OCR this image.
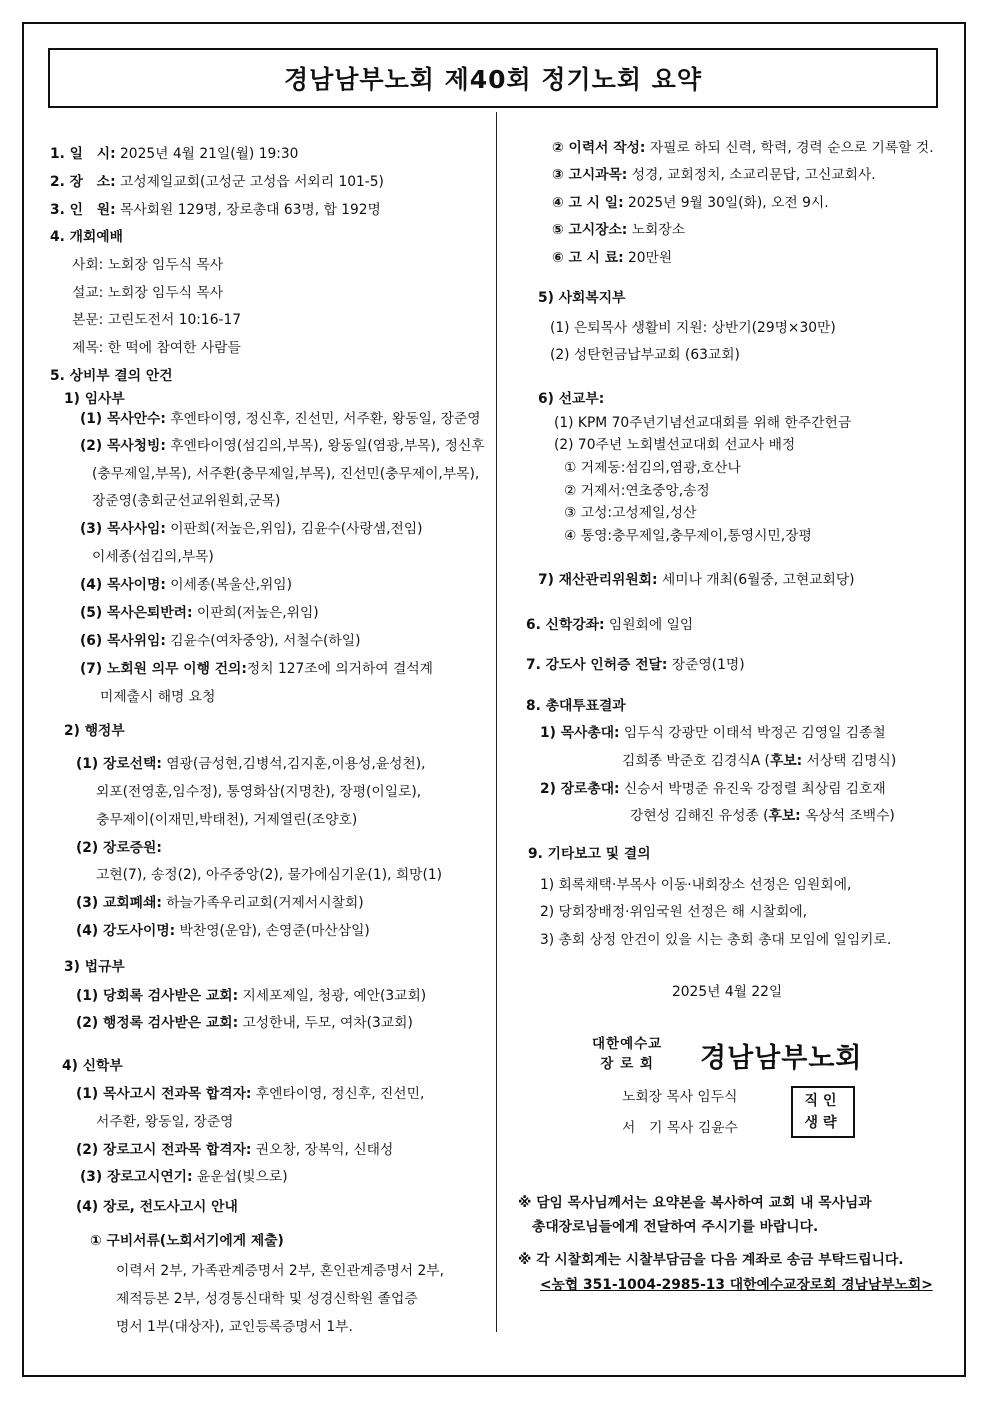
경남남부노회 제40회 정기노회 요약
1. 일　시: 2025년 4월 21일(월) 19:30
2. 장　소: 고성제일교회(고성군 고성읍 서외리 101-5)
3. 인　원: 목사회원 129명, 장로총대 63명, 합 192명
4. 개회예배
사회: 노회장 임두식 목사
설교: 노회장 임두식 목사
본문: 고린도전서 10:16-17
제목: 한 떡에 참여한 사람들
5. 상비부 결의 안건
1) 임사부
(1) 목사안수: 후엔타이영, 정신후, 진선민, 서주환, 왕동일, 장준영
(2) 목사청빙: 후엔타이영(섬김의,부목), 왕동일(염광,부목), 정신후
(충무제일,부목), 서주환(충무제일,부목), 진선민(충무제이,부목),
장준영(총회군선교위원회,군목)
(3) 목사사임: 이판희(저높은,위임), 김윤수(사랑샘,전임)
이세종(섬김의,부목)
(4) 목사이명: 이세종(복울산,위임)
(5) 목사은퇴반려: 이판희(저높은,위임)
(6) 목사위임: 김윤수(여차중앙), 서철수(하일)
(7) 노회원 의무 이행 건의:정치 127조에 의거하여 결석계
미제출시 해명 요청
2) 행정부
(1) 장로선택: 염광(금성현,김병석,김지훈,이용성,윤성천),
외포(전영훈,임수정), 통영화삼(지명찬), 장평(이일로),
충무제이(이재민,박태천), 거제열린(조양호)
(2) 장로증원:
고현(7), 송정(2), 아주중앙(2), 물가에심기운(1), 희망(1)
(3) 교회폐쇄: 하늘가족우리교회(거제서시찰회)
(4) 강도사이명: 박찬영(운암), 손영준(마산삼일)
3) 법규부
(1) 당회록 검사받은 교회: 지세포제일, 청광, 예안(3교회)
(2) 행정록 검사받은 교회: 고성한내, 두모, 여차(3교회)
4) 신학부
(1) 목사고시 전과목 합격자: 후엔타이영, 정신후, 진선민,
서주환, 왕동일, 장준영
(2) 장로고시 전과목 합격자: 권오창, 장복익, 신태성
(3) 장로고시연기: 윤운섭(빛으로)
(4) 장로, 전도사고시 안내
① 구비서류(노회서기에게 제출)
이력서 2부, 가족관계증명서 2부, 혼인관계증명서 2부,
제적등본 2부, 성경통신대학 및 성경신학원 졸업증
명서 1부(대상자), 교인등록증명서 1부.
② 이력서 작성: 자필로 하되 신력, 학력, 경력 순으로 기록할 것.
③ 고시과목: 성경, 교회정치, 소교리문답, 고신교회사.
④ 고 시 일: 2025년 9월 30일(화), 오전 9시.
⑤ 고시장소: 노회장소
⑥ 고 시 료: 20만원
5) 사회복지부
(1) 은퇴목사 생활비 지원: 상반기(29명×30만)
(2) 성탄헌금납부교회 (63교회)
6) 선교부:
(1) KPM 70주년기념선교대회를 위해 한주간헌금
(2) 70주년 노회별선교대회 선교사 배정
① 거제동:섬김의,염광,호산나
② 거제서:연초중앙,송정
③ 고성:고성제일,성산
④ 통영:충무제일,충무제이,통영시민,장평
7) 재산관리위원회: 세미나 개최(6월중, 고현교회당)
6. 신학강좌: 임원회에 일임
7. 강도사 인허증 전달: 장준영(1명)
8. 총대투표결과
1) 목사총대: 임두식 강광만 이태석 박정곤 김영일 김종철
김희종 박준호 김경식A (후보: 서상택 김명식)
2) 장로총대: 신승서 박명준 유진욱 강정렬 최상림 김호재
강현성 김해진 유성종 (후보: 옥상석 조백수)
9. 기타보고 및 결의
1) 회록채택·부목사 이동·내회장소 선정은 임원회에,
2) 당회장배정·위임국원 선정은 해 시찰회에,
3) 총회 상정 안건이 있을 시는 총회 총대 모임에 일임키로.
2025년 4월 22일
노회장 목사 임두식
서　기 목사 김윤수
※ 담임 목사님께서는 요약본을 복사하여 교회 내 목사님과
총대장로님들에게 전달하여 주시기를 바랍니다.
※ 각 시찰회계는 시찰부담금을 다음 계좌로 송금 부탁드립니다.
<농협 351-1004-2985-13 대한예수교장로회 경남남부노회>
대한예수교
장 로 회	경남남부노회
직인
생략
